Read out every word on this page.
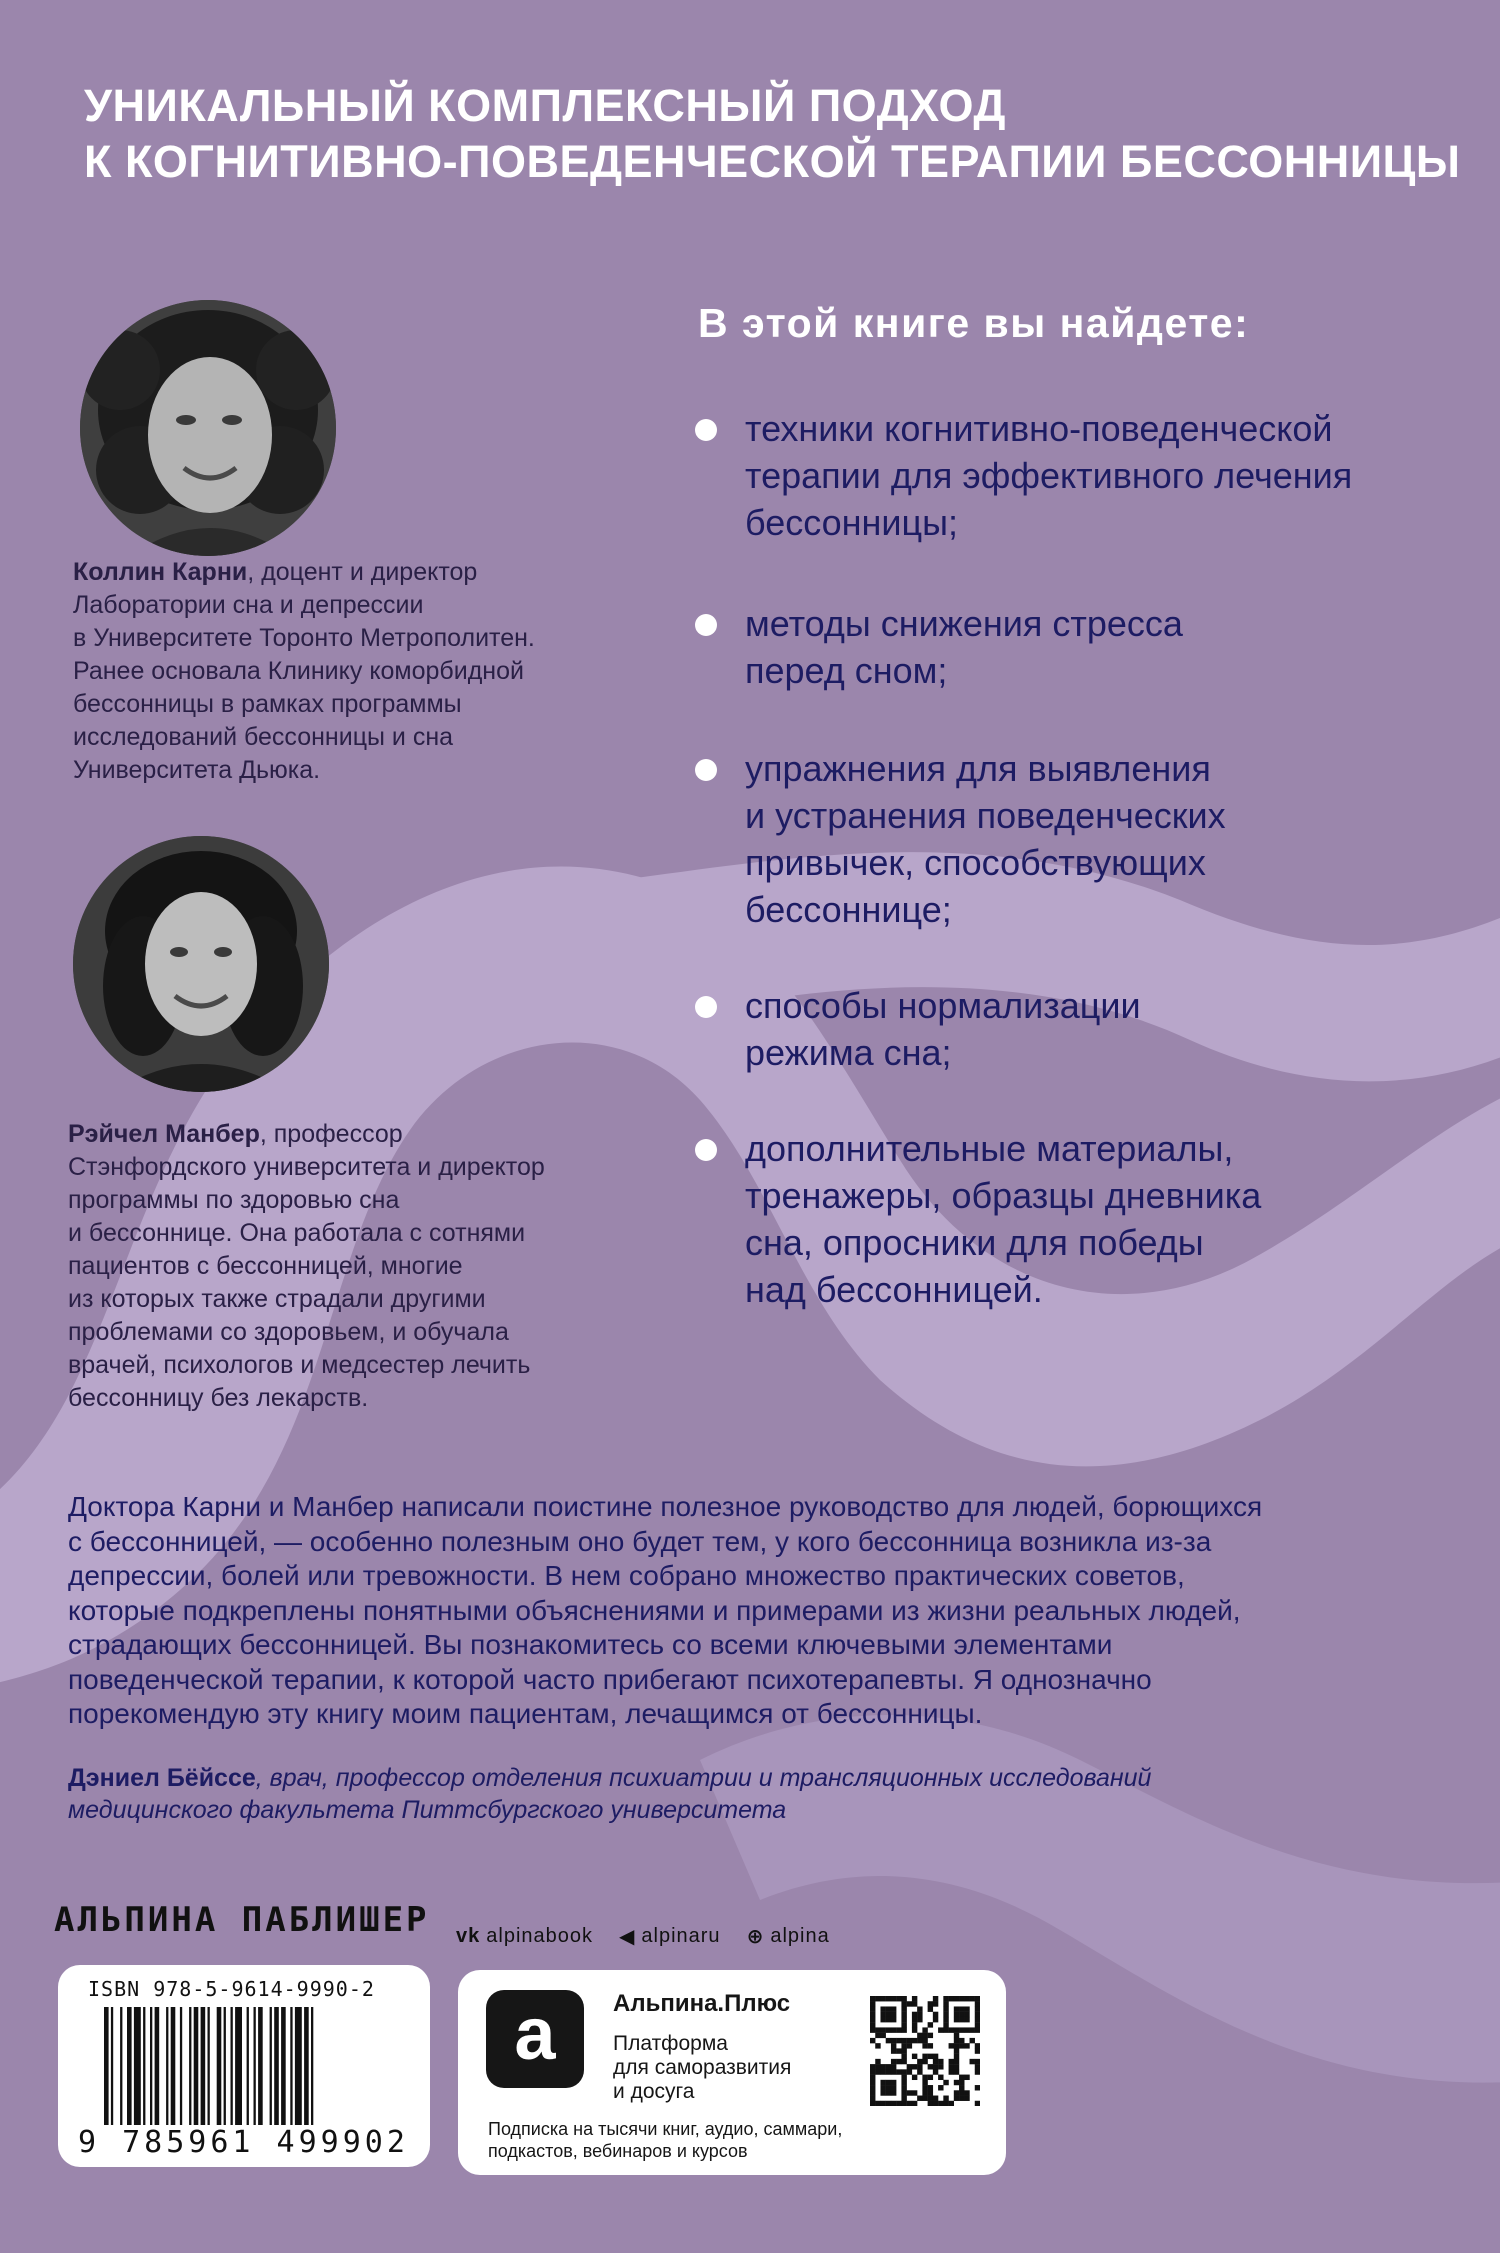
УНИКАЛЬНЫЙ КОМПЛЕКСНЫЙ ПОДХОД
К КОГНИТИВНО-ПОВЕДЕНЧЕСКОЙ ТЕРАПИИ БЕССОННИЦЫ
Коллин Карни, доцент и директор
Лаборатории сна и депрессии
в Университете Торонто Метрополитен.
Ранее основала Клинику коморбидной
бессонницы в рамках программы
исследований бессонницы и сна
Университета Дьюка.
Рэйчел Манбер, профессор
Стэнфордского университета и директор
программы по здоровью сна
и бессоннице. Она работала с сотнями
пациентов с бессонницей, многие
из которых также страдали другими
проблемами со здоровьем, и обучала
врачей, психологов и медсестер лечить
бессонницу без лекарств.
В этой книге вы найдете:
техники когнитивно-поведенческой
терапии для эффективного лечения
бессонницы;
методы снижения стресса
перед сном;
упражнения для выявления
и устранения поведенческих
привычек, способствующих
бессоннице;
способы нормализации
режима сна;
дополнительные материалы,
тренажеры, образцы дневника
сна, опросники для победы
над бессонницей.
Доктора Карни и Манбер написали поистине полезное руководство для людей, борющихся
с бессонницей, — особенно полезным оно будет тем, у кого бессонница возникла из-за
депрессии, болей или тревожности. В нем собрано множество практических советов,
которые подкреплены понятными объяснениями и примерами из жизни реальных людей,
страдающих бессонницей. Вы познакомитесь со всеми ключевыми элементами
поведенческой терапии, к которой часто прибегают психотерапевты. Я однозначно
порекомендую эту книгу моим пациентам, лечащимся от бессонницы.
Дэниел Бёйссе, врач, профессор отделения психиатрии и трансляционных исследований
медицинского факультета Питтсбургского университета
АЛЬПИНА ПАБЛИШЕР vk alpinabook ◀ alpinaru ⊕ alpina
ISBN 978-5-9614-9990-2
9 785961 499902
a	Альпина.Плюс
Платформа
для саморазвития
и досуга
Подписка на тысячи книг, аудио, саммари,
подкастов, вебинаров и курсов
